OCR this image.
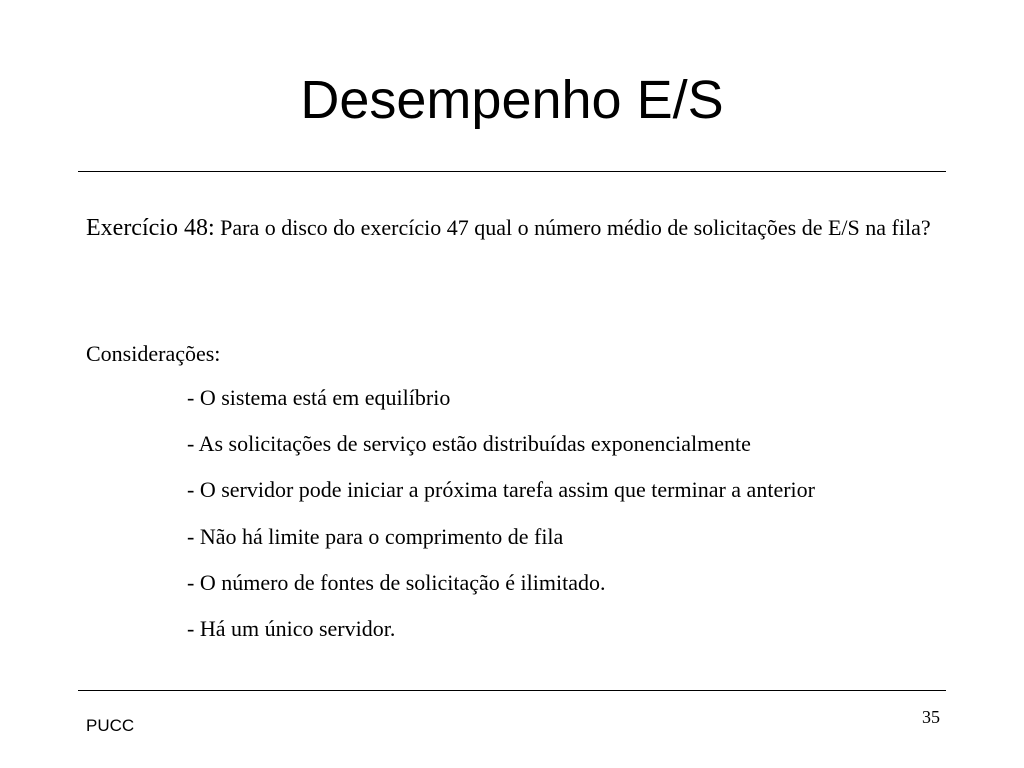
Desempenho E/S
Exercício 48: Para o disco do exercício 47 qual o número médio de solicitações de E/S na fila?
Considerações:
- O sistema está em equilíbrio
- As solicitações de serviço estão distribuídas exponencialmente
- O servidor pode iniciar a próxima tarefa assim que terminar a anterior
- Não há limite para o comprimento de fila
- O número de fontes de solicitação é ilimitado.
- Há um único servidor.
35
PUCC
